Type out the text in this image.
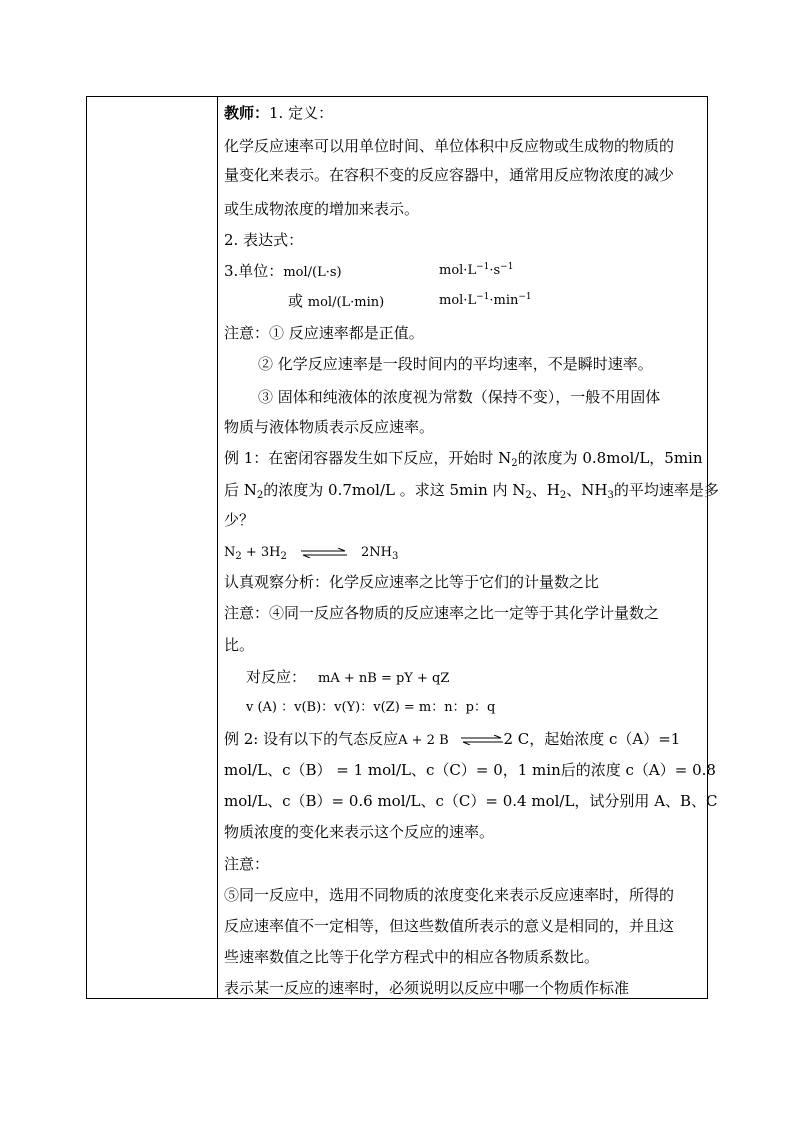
教师：1. 定义：
化学反应速率可以用单位时间、单位体积中反应物或生成物的物质的
量变化来表示。在容积不变的反应容器中，通常用反应物浓度的减少
或生成物浓度的增加来表示。
2. 表达式：
3.单位：mol/(L·s)	$mol\cdot L^{-1}\cdot s^{-1}$
或 mol/(L·min)	$mol\cdot L^{-1}\cdot\min^{-1}$
注意：① 反应速率都是正值。
② 化学反应速率是一段时间内的平均速率，不是瞬时速率。
③ 固体和纯液体的浓度视为常数（保持不变），一般不用固体
物质与液体物质表示反应速率。
例 1：在密闭容器发生如下反应，开始时 $N_2$的浓度为 0.8mol/L，5min
后 $N_2$的浓度为 0.7mol/L 。求这 5min 内 $N_2$、$H_2$、$NH_3$的平均速率是多
少？
$N_2 + 3H_2$ ⇌ $2NH_3$
认真观察分析：化学反应速率之比等于它们的计量数之比
注意：④同一反应各物质的反应速率之比一定等于其化学计量数之
比。
对反应： mA + nB = pY + qZ
v (A) ：v(B)：v(Y)：v(Z) = m：n：p：q
例 2: 设有以下的气态反应A + 2 B ⇌2 C，起始浓度 c（A）=1
mol/L、c（B） = 1 mol/L、c（C）= 0，1 min后的浓度 c（A）= 0.8
mol/L、c（B）= 0.6 mol/L、c（C）= 0.4 mol/L，试分别用 A、B、C
物质浓度的变化来表示这个反应的速率。
注意：
⑤同一反应中，选用不同物质的浓度变化来表示反应速率时，所得的
反应速率值不一定相等，但这些数值所表示的意义是相同的，并且这
些速率数值之比等于化学方程式中的相应各物质系数比。
表示某一反应的速率时，必须说明以反应中哪一个物质作标准
